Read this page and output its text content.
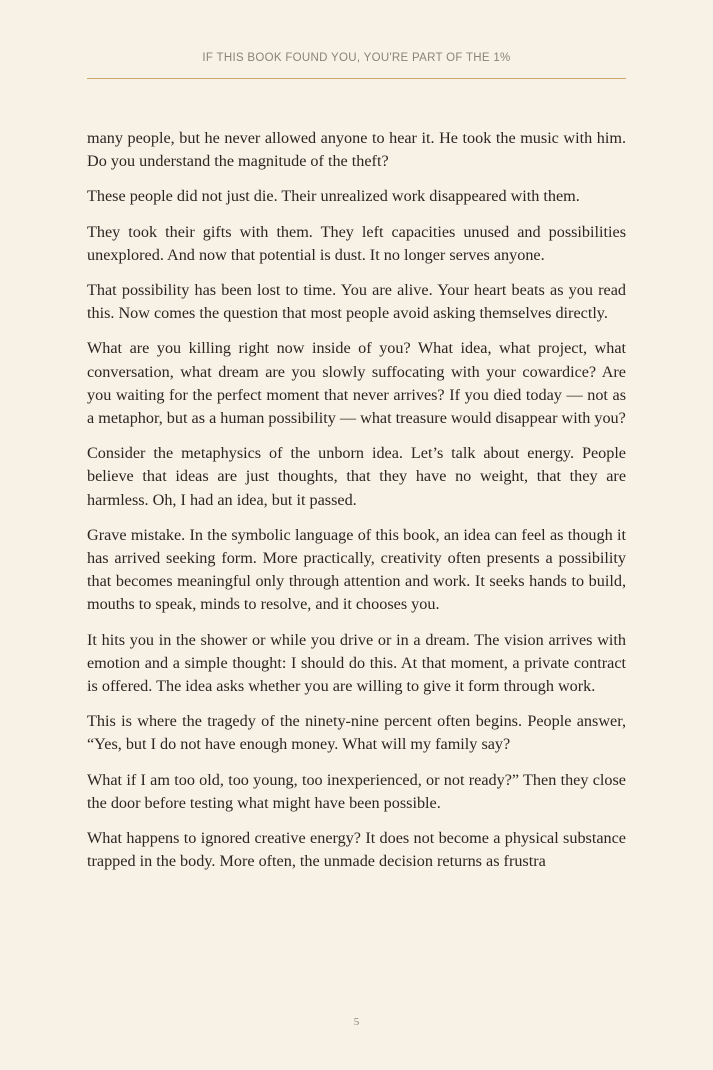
IF THIS BOOK FOUND YOU, YOU'RE PART OF THE 1%

many people, but he never allowed anyone to hear it. He took the music with him. Do you understand the magnitude of the theft?

These people did not just die. Their unrealized work disappeared with them.

They took their gifts with them. They left capacities unused and possibilities unexplored. And now that potential is dust. It no longer serves anyone.

That possibility has been lost to time. You are alive. Your heart beats as you read this. Now comes the question that most people avoid asking themselves directly.

What are you killing right now inside of you? What idea, what project, what conversation, what dream are you slowly suffocating with your cowardice? Are you waiting for the perfect moment that never arrives? If you died today — not as a metaphor, but as a human possibility — what treasure would disappear with you?

Consider the metaphysics of the unborn idea. Let’s talk about energy. People believe that ideas are just thoughts, that they have no weight, that they are harmless. Oh, I had an idea, but it passed.

Grave mistake. In the symbolic language of this book, an idea can feel as though it has arrived seeking form. More practically, creativity often presents a possibility that becomes meaningful only through attention and work. It seeks hands to build, mouths to speak, minds to resolve, and it chooses you.

It hits you in the shower or while you drive or in a dream. The vision arrives with emotion and a simple thought: I should do this. At that moment, a private contract is offered. The idea asks whether you are willing to give it form through work.

This is where the tragedy of the ninety-nine percent often begins. People answer, “Yes, but I do not have enough money. What will my family say?

What if I am too old, too young, too inexperienced, or not ready?” Then they close the door before testing what might have been possible.

What happens to ignored creative energy? It does not become a physical substance trapped in the body. More often, the unmade decision returns as frustra

5
